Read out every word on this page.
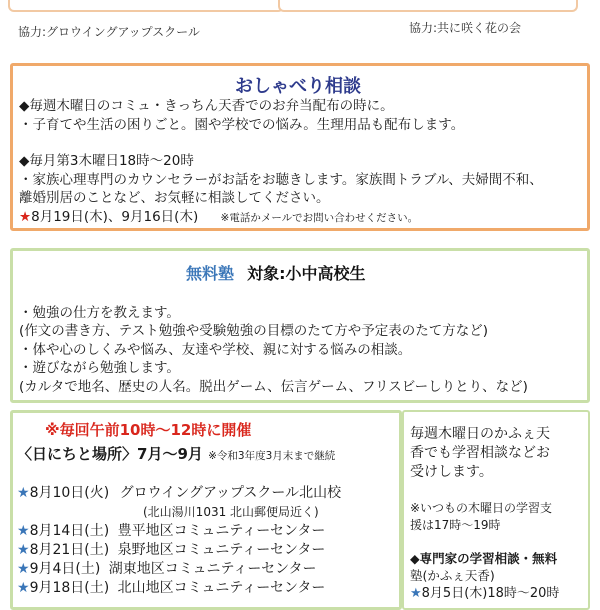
協力:グロウイングアップスクール	協力:共に咲く花の会
おしゃべり相談
◆毎週木曜日のコミュ・きっちん天香でのお弁当配布の時に。
・子育てや生活の困りごと。園や学校での悩み。生理用品も配布します。
◆毎月第3木曜日18時〜20時
・家族心理専門のカウンセラーがお話をお聴きします。家族間トラブル、夫婦間不和、
離婚別居のことなど、お気軽に相談してください。
★8月19日(木)、9月16日(木) ※電話かメールでお問い合わせください。
無料塾 対象:小中高校生
・勉強の仕方を教えます。
(作文の書き方、テスト勉強や受験勉強の目標のたて方や予定表のたて方など)
・体や心のしくみや悩み、友達や学校、親に対する悩みの相談。
・遊びながら勉強します。
(カルタで地名、歴史の人名。脱出ゲーム、伝言ゲーム、フリスビーしりとり、など)
※毎回午前10時〜12時に開催
〈日にちと場所〉7月〜9月 ※令和3年度3月末まで継続
★8月10日(火) グロウイングアップスクール北山校
(北山湯川1031 北山郵便局近く)
★8月14日(土) 豊平地区コミュニティーセンター
★8月21日(土) 泉野地区コミュニティーセンター
★9月4日(土) 湖東地区コミュニティーセンター
★9月18日(土) 北山地区コミュニティーセンター
毎週木曜日のかふぇ天
香でも学習相談などお
受けします。
※いつもの木曜日の学習支
援は17時〜19時
◆専門家の学習相談・無料
塾(かふぇ天香)
★8月5日(木)18時〜20時
